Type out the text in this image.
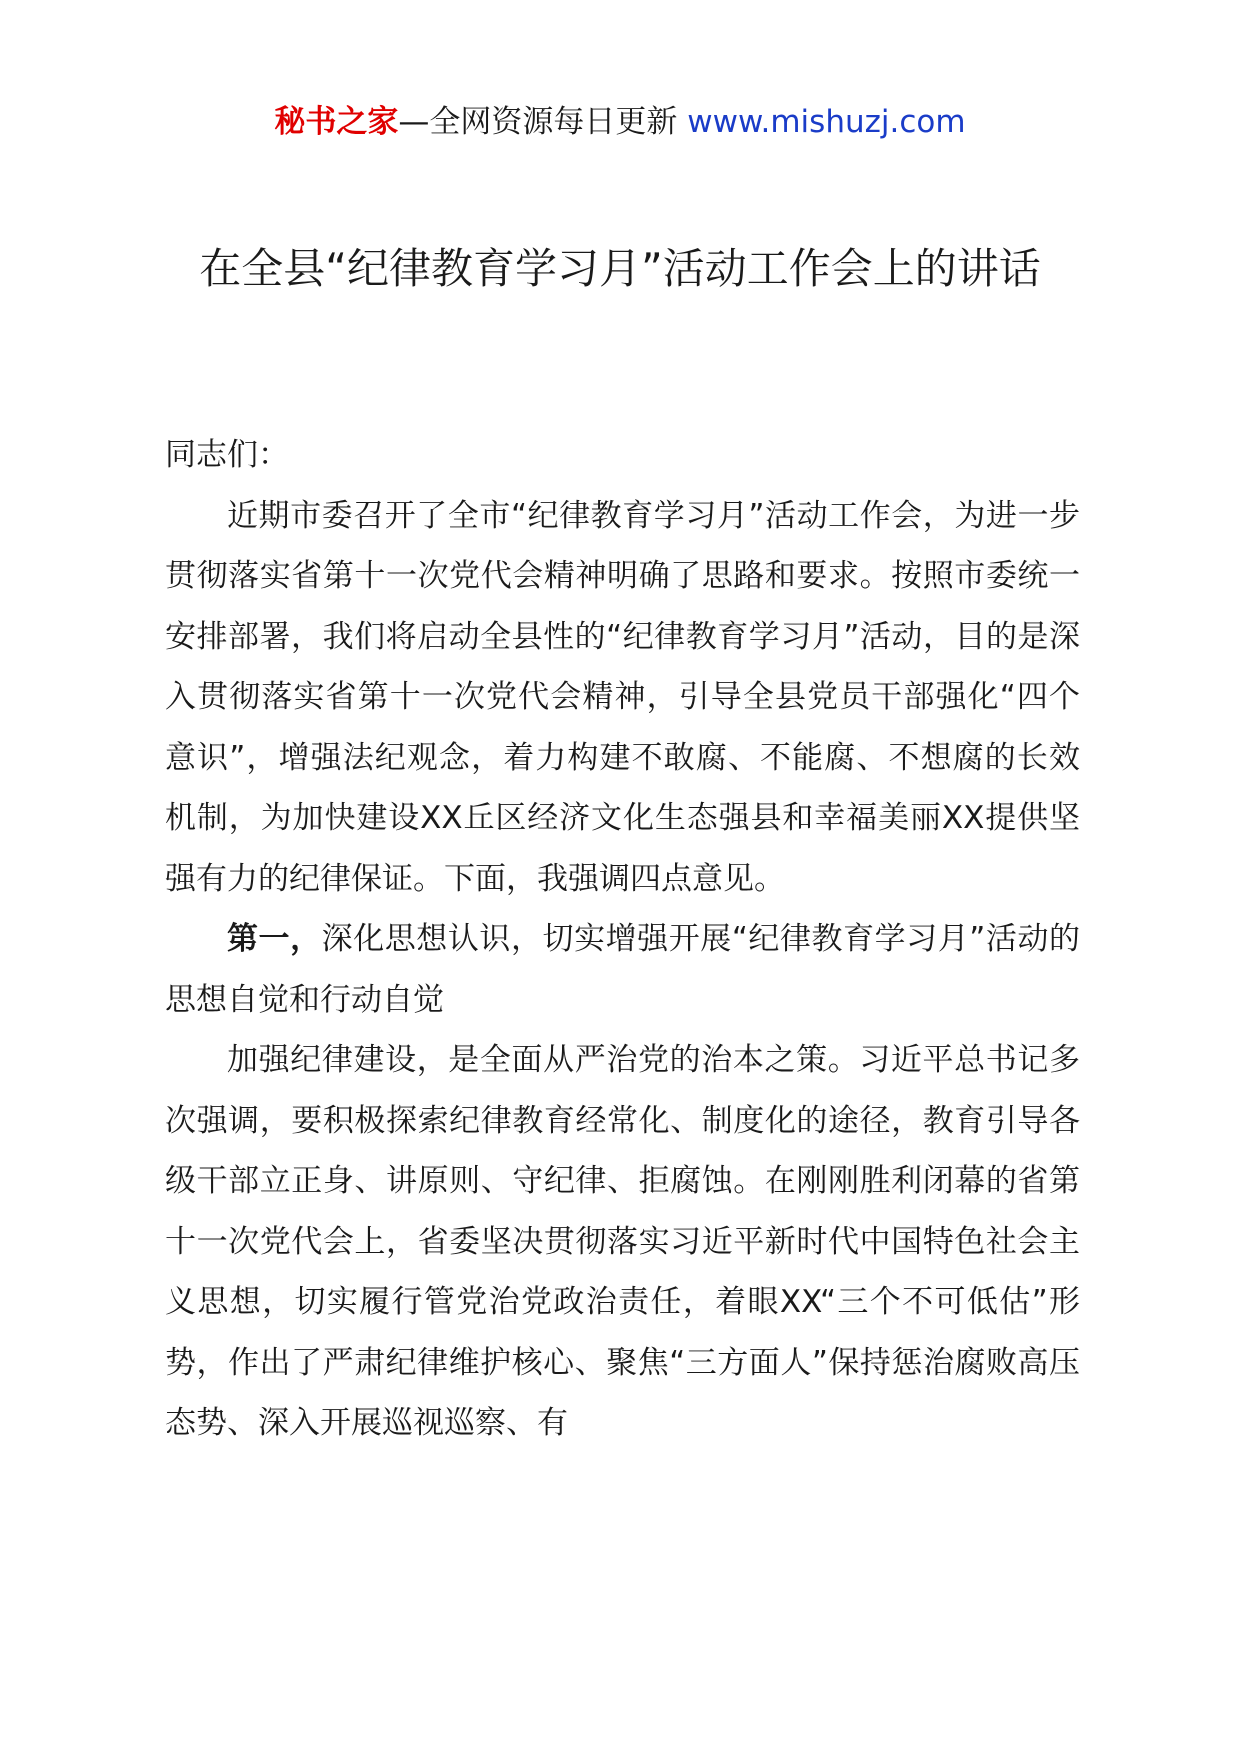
秘书之家—全网资源每日更新 www.mishuzj.com
在全县“纪律教育学习月”活动工作会上的讲话

同志们：

近期市委召开了全市“纪律教育学习月”活动工作会，为进一步贯彻落实省第十一次党代会精神明确了思路和要求。按照市委统一安排部署，我们将启动全县性的“纪律教育学习月”活动，目的是深入贯彻落实省第十一次党代会精神，引导全县党员干部强化“四个意识”，增强法纪观念，着力构建不敢腐、不能腐、不想腐的长效机制，为加快建设XX丘区经济文化生态强县和幸福美丽XX提供坚强有力的纪律保证。下面，我强调四点意见。

第一，深化思想认识，切实增强开展“纪律教育学习月”活动的思想自觉和行动自觉

加强纪律建设，是全面从严治党的治本之策。习近平总书记多次强调，要积极探索纪律教育经常化、制度化的途径，教育引导各级干部立正身、讲原则、守纪律、拒腐蚀。在刚刚胜利闭幕的省第十一次党代会上，省委坚决贯彻落实习近平新时代中国特色社会主义思想，切实履行管党治党政治责任，着眼XX“三个不可低估”形势，作出了严肃纪律维护核心、聚焦“三方面人”保持惩治腐败高压态势、深入开展巡视巡察、有
